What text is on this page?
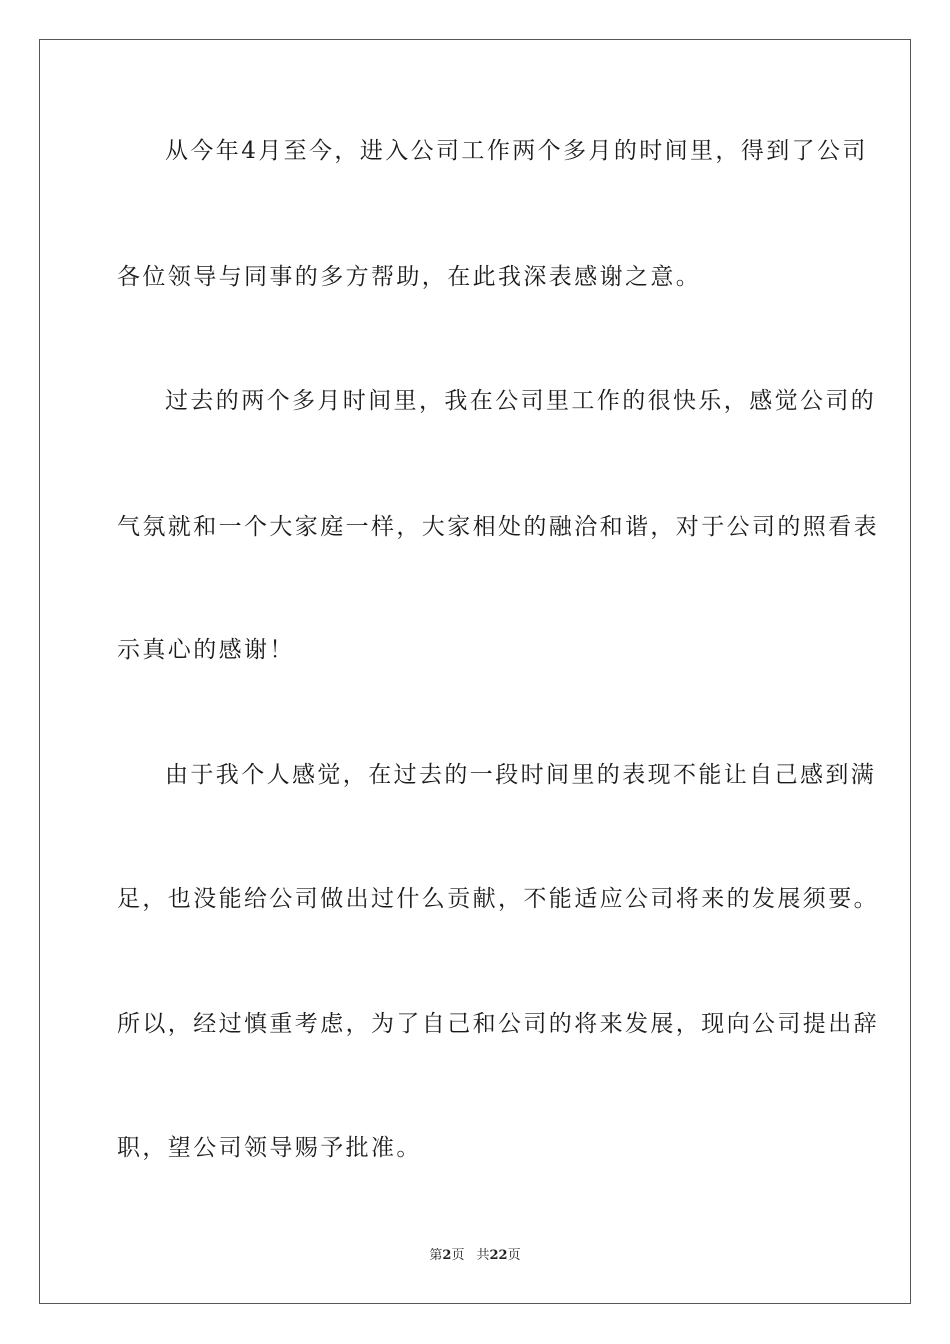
从今年4月至今，进入公司工作两个多月的时间里，得到了公司
各位领导与同事的多方帮助，在此我深表感谢之意。
过去的两个多月时间里，我在公司里工作的很快乐，感觉公司的
气氛就和一个大家庭一样，大家相处的融洽和谐，对于公司的照看表
示真心的感谢！
由于我个人感觉，在过去的一段时间里的表现不能让自己感到满
足，也没能给公司做出过什么贡献，不能适应公司将来的发展须要。
所以，经过慎重考虑，为了自己和公司的将来发展，现向公司提出辞
职，望公司领导赐予批准。
第2页 共22页
